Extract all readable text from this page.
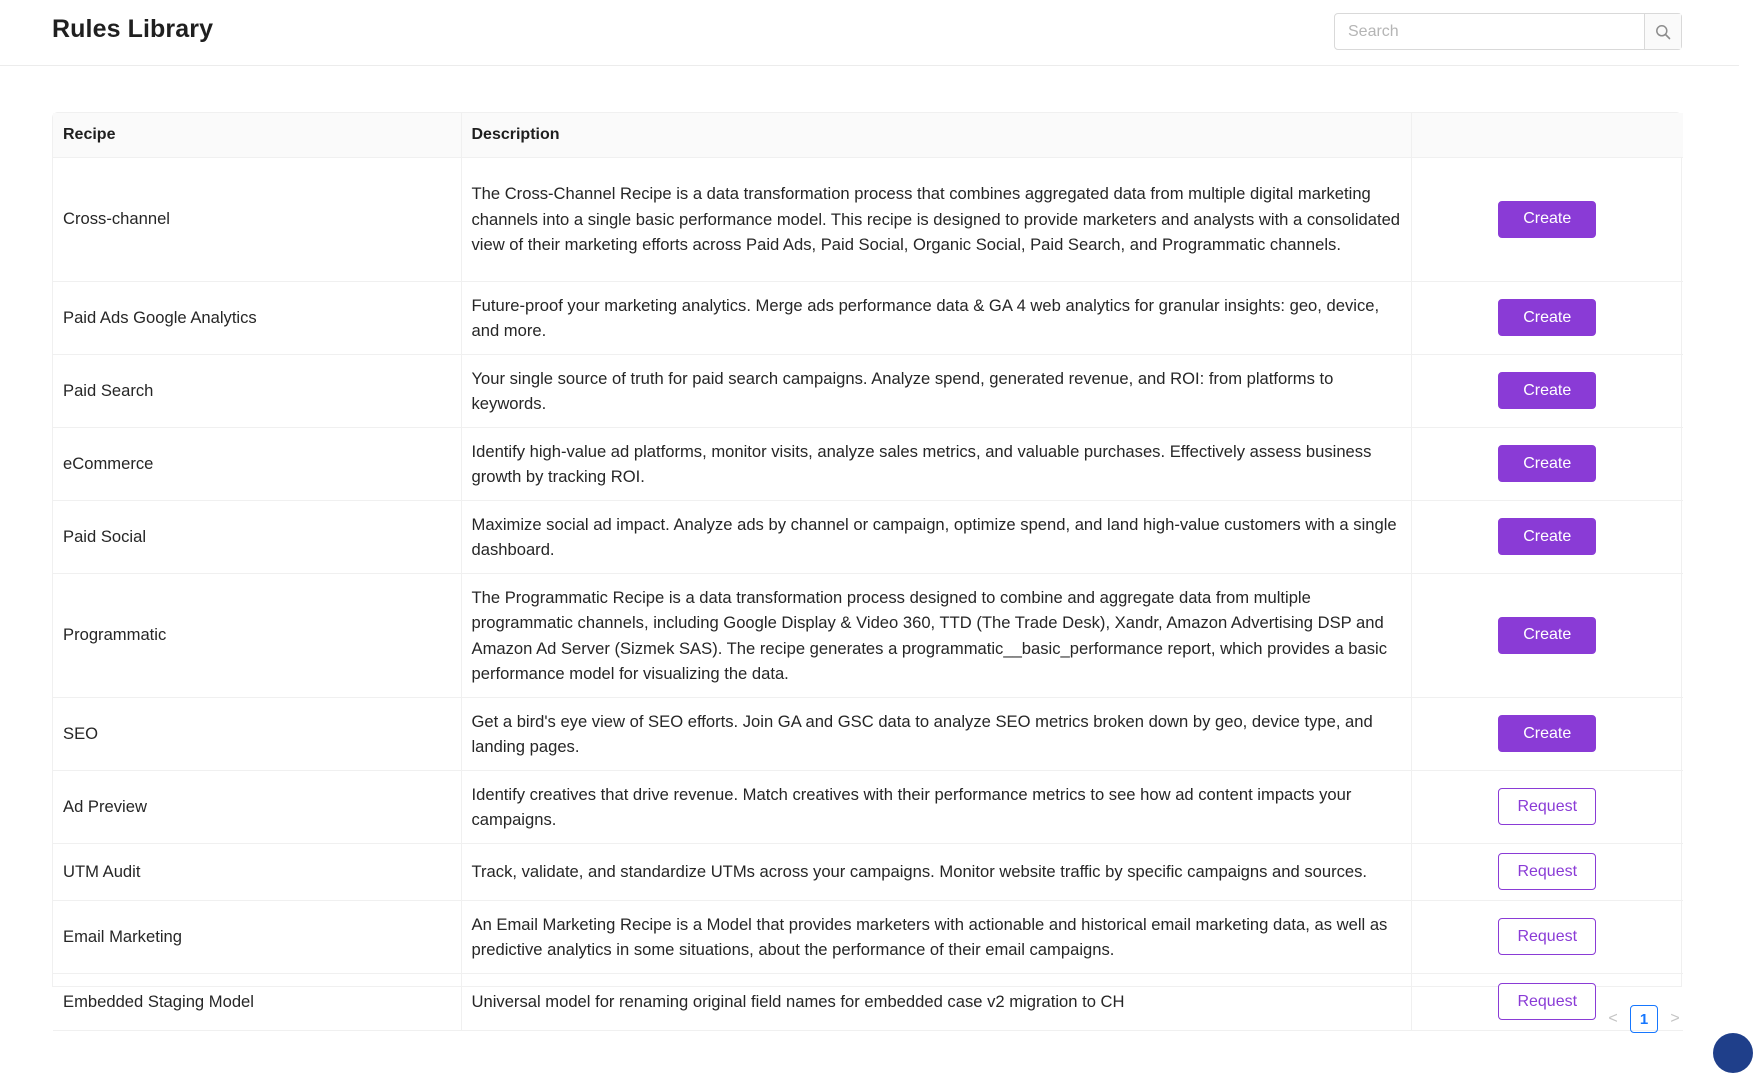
Rules Library
Search
Recipe	Description	
Cross-channel	The Cross-Channel Recipe is a data transformation process that combines aggregated data from multiple digital marketing channels into a single basic performance model. This recipe is designed to provide marketers and analysts with a consolidated view of their marketing efforts across Paid Ads, Paid Social, Organic Social, Paid Search, and Programmatic channels.	Create
Paid Ads Google Analytics	Future-proof your marketing analytics. Merge ads performance data & GA 4 web analytics for granular insights: geo, device, and more.	Create
Paid Search	Your single source of truth for paid search campaigns. Analyze spend, generated revenue, and ROI: from platforms to keywords.	Create
eCommerce	Identify high-value ad platforms, monitor visits, analyze sales metrics, and valuable purchases. Effectively assess business growth by tracking ROI.	Create
Paid Social	Maximize social ad impact. Analyze ads by channel or campaign, optimize spend, and land high-value customers with a single dashboard.	Create
Programmatic	The Programmatic Recipe is a data transformation process designed to combine and aggregate data from multiple programmatic channels, including Google Display & Video 360, TTD (The Trade Desk), Xandr, Amazon Advertising DSP and Amazon Ad Server (Sizmek SAS). The recipe generates a programmatic__basic_performance report, which provides a basic performance model for visualizing the data.	Create
SEO	Get a bird's eye view of SEO efforts. Join GA and GSC data to analyze SEO metrics broken down by geo, device type, and landing pages.	Create
Ad Preview	Identify creatives that drive revenue. Match creatives with their performance metrics to see how ad content impacts your campaigns.	Request
UTM Audit	Track, validate, and standardize UTMs across your campaigns. Monitor website traffic by specific campaigns and sources.	Request
Email Marketing	An Email Marketing Recipe is a Model that provides marketers with actionable and historical email marketing data, as well as predictive analytics in some situations, about the performance of their email campaigns.	Request
Embedded Staging Model	Universal model for renaming original field names for embedded case v2 migration to CH	Request
<	1	>
